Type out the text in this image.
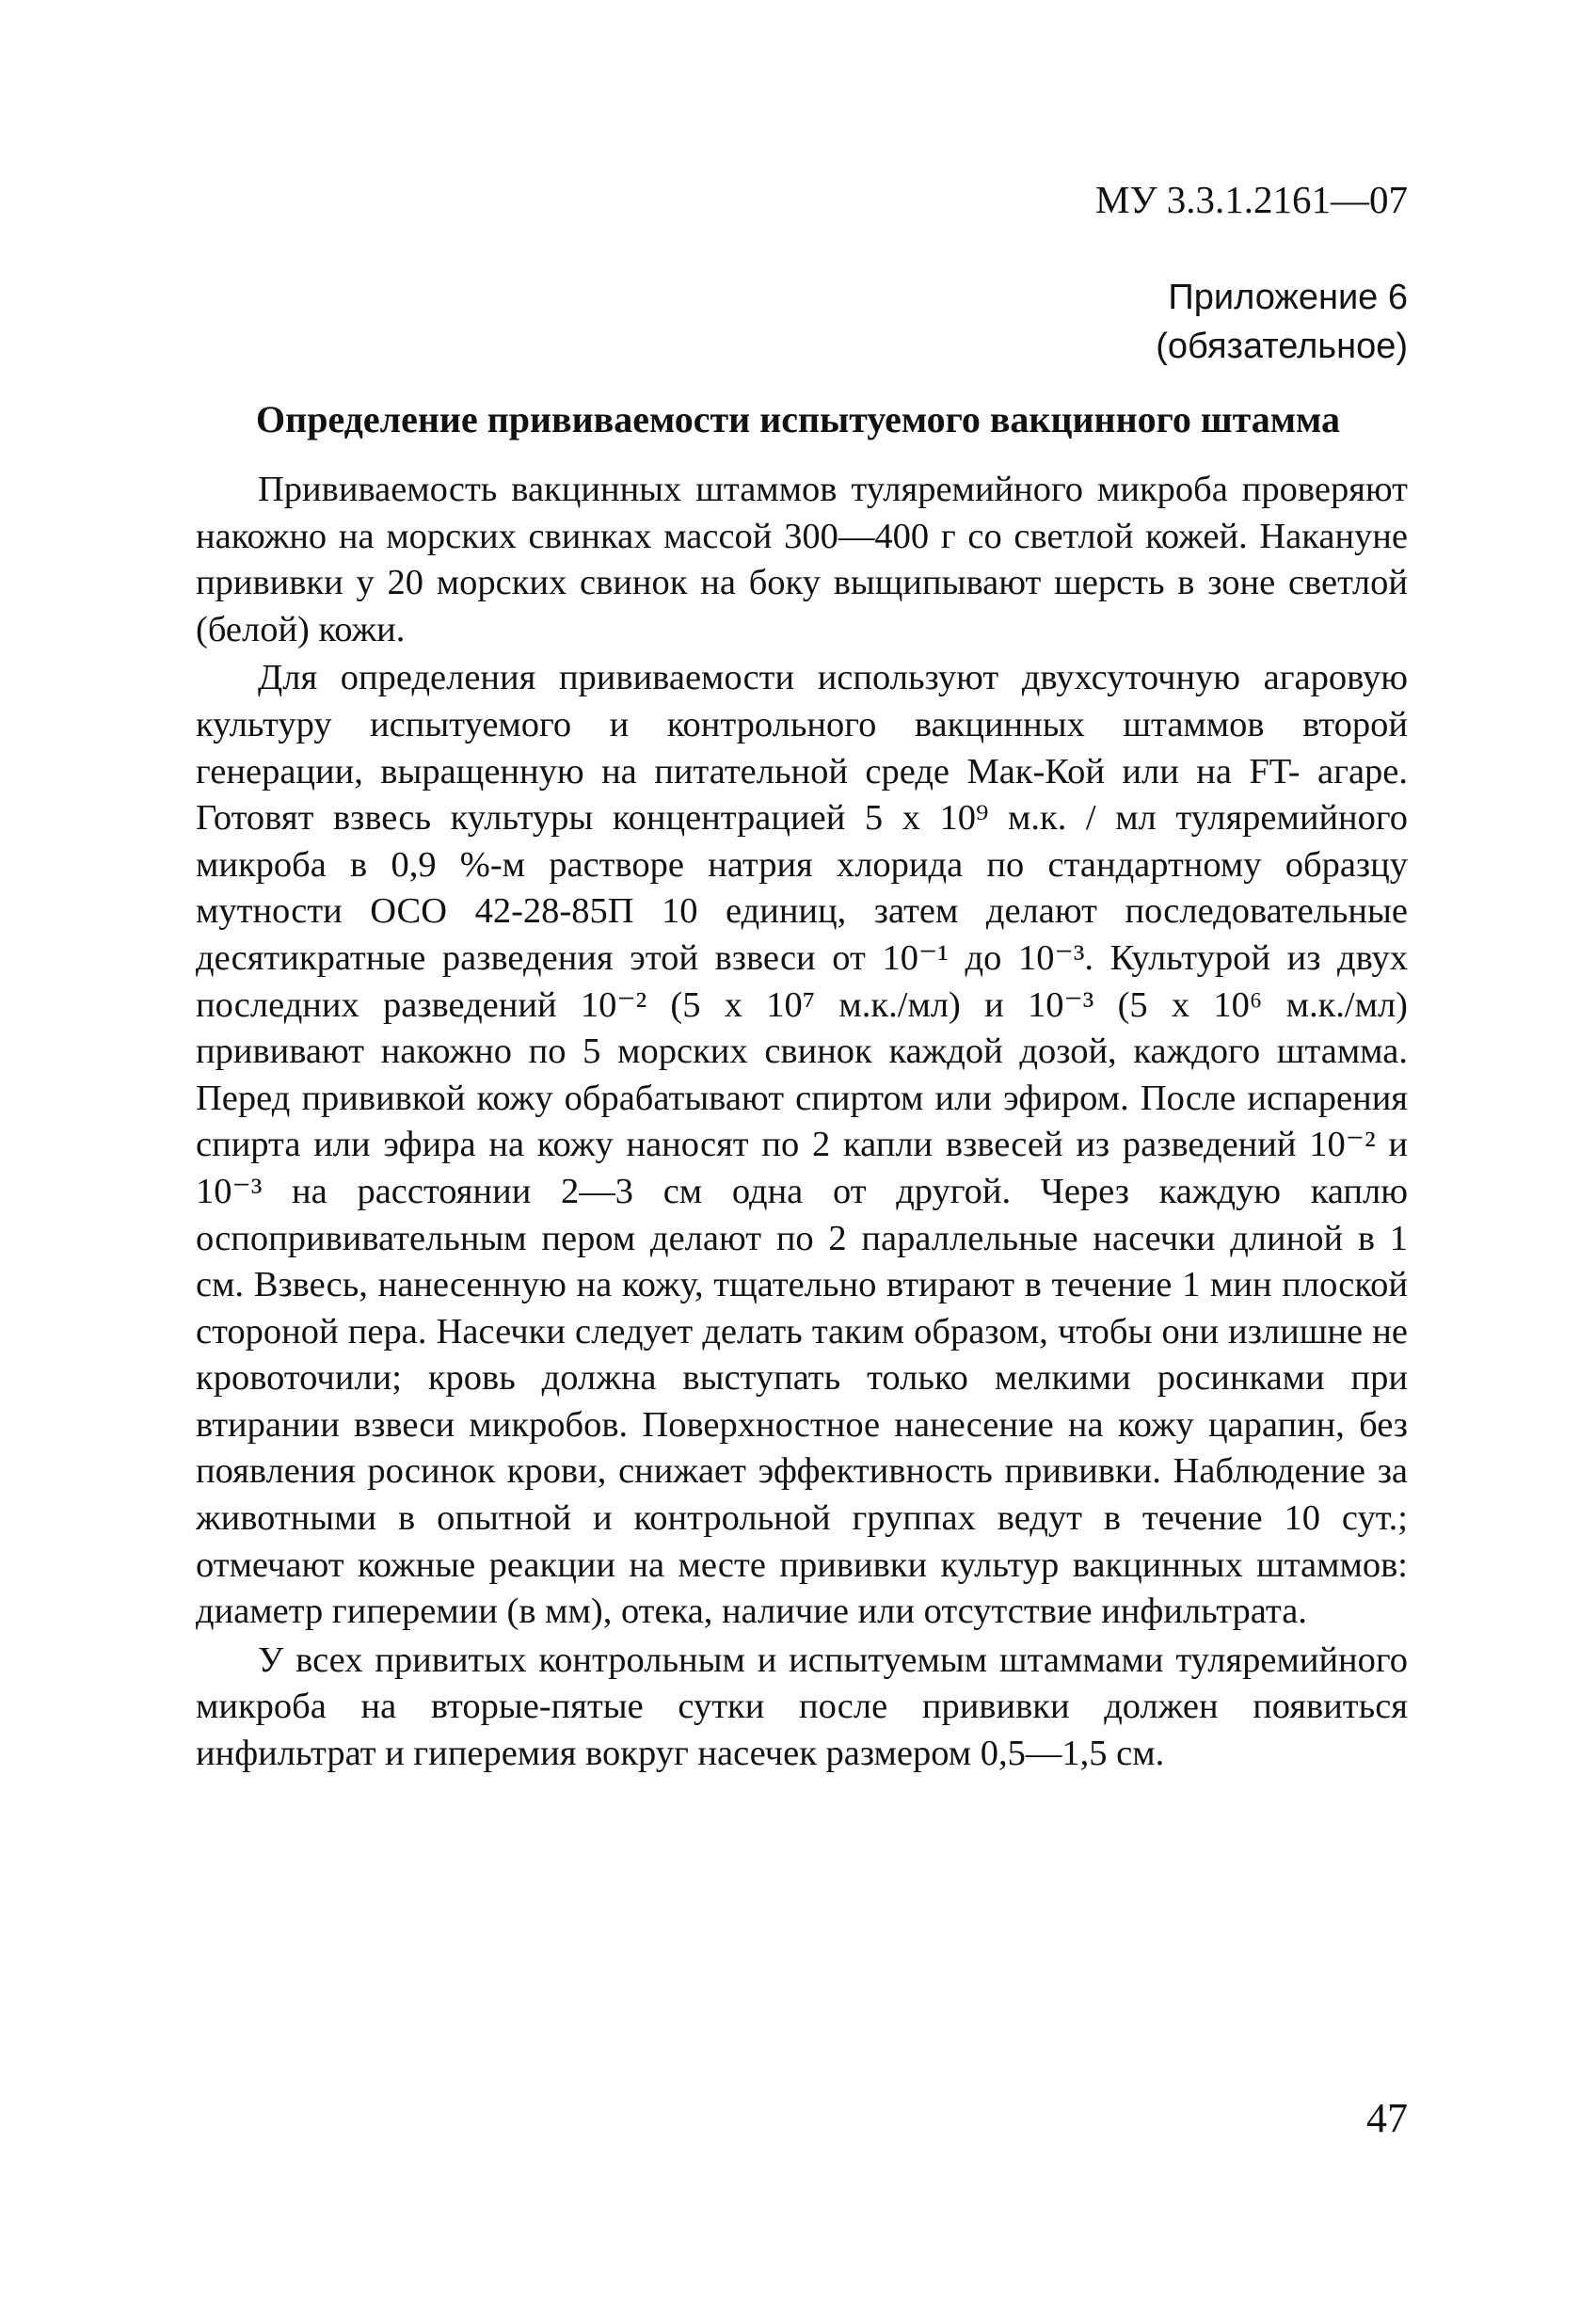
МУ 3.3.1.2161—07
Приложение 6
(обязательное)
Определение прививаемости испытуемого вакцинного штамма

Прививаемость вакцинных штаммов туляремийного микроба проверяют накожно на морских свинках массой 300—400 г со светлой кожей. Накануне прививки у 20 морских свинок на боку выщипывают шерсть в зоне светлой (белой) кожи.

Для определения прививаемости используют двухсуточную агаровую культуру испытуемого и контрольного вакцинных штаммов второй генерации, выращенную на питательной среде Мак-Кой или на FT- агаре. Готовят взвесь культуры концентрацией 5 х 10⁹ м.к. / мл туляремийного микроба в 0,9 %-м растворе натрия хлорида по стандартному образцу мутности ОСО 42-28-85П 10 единиц, затем делают последовательные десятикратные разведения этой взвеси от 10⁻¹ до 10⁻³. Культурой из двух последних разведений 10⁻² (5 х 10⁷ м.к./мл) и 10⁻³ (5 х 10⁶ м.к./мл) прививают накожно по 5 морских свинок каждой дозой, каждого штамма. Перед прививкой кожу обрабатывают спиртом или эфиром. После испарения спирта или эфира на кожу наносят по 2 капли взвесей из разведений 10⁻² и 10⁻³ на расстоянии 2—3 см одна от другой. Через каждую каплю оспопрививательным пером делают по 2 параллельные насечки длиной в 1 см. Взвесь, нанесенную на кожу, тщательно втирают в течение 1 мин плоской стороной пера. Насечки следует делать таким образом, чтобы они излишне не кровоточили; кровь должна выступать только мелкими росинками при втирании взвеси микробов. Поверхностное нанесение на кожу царапин, без появления росинок крови, снижает эффективность прививки. Наблюдение за животными в опытной и контрольной группах ведут в течение 10 сут.; отмечают кожные реакции на месте прививки культур вакцинных штаммов: диаметр гиперемии (в мм), отека, наличие или отсутствие инфильтрата.

У всех привитых контрольным и испытуемым штаммами туляремийного микроба на вторые-пятые сутки после прививки должен появиться инфильтрат и гиперемия вокруг насечек размером 0,5—1,5 см.

47
